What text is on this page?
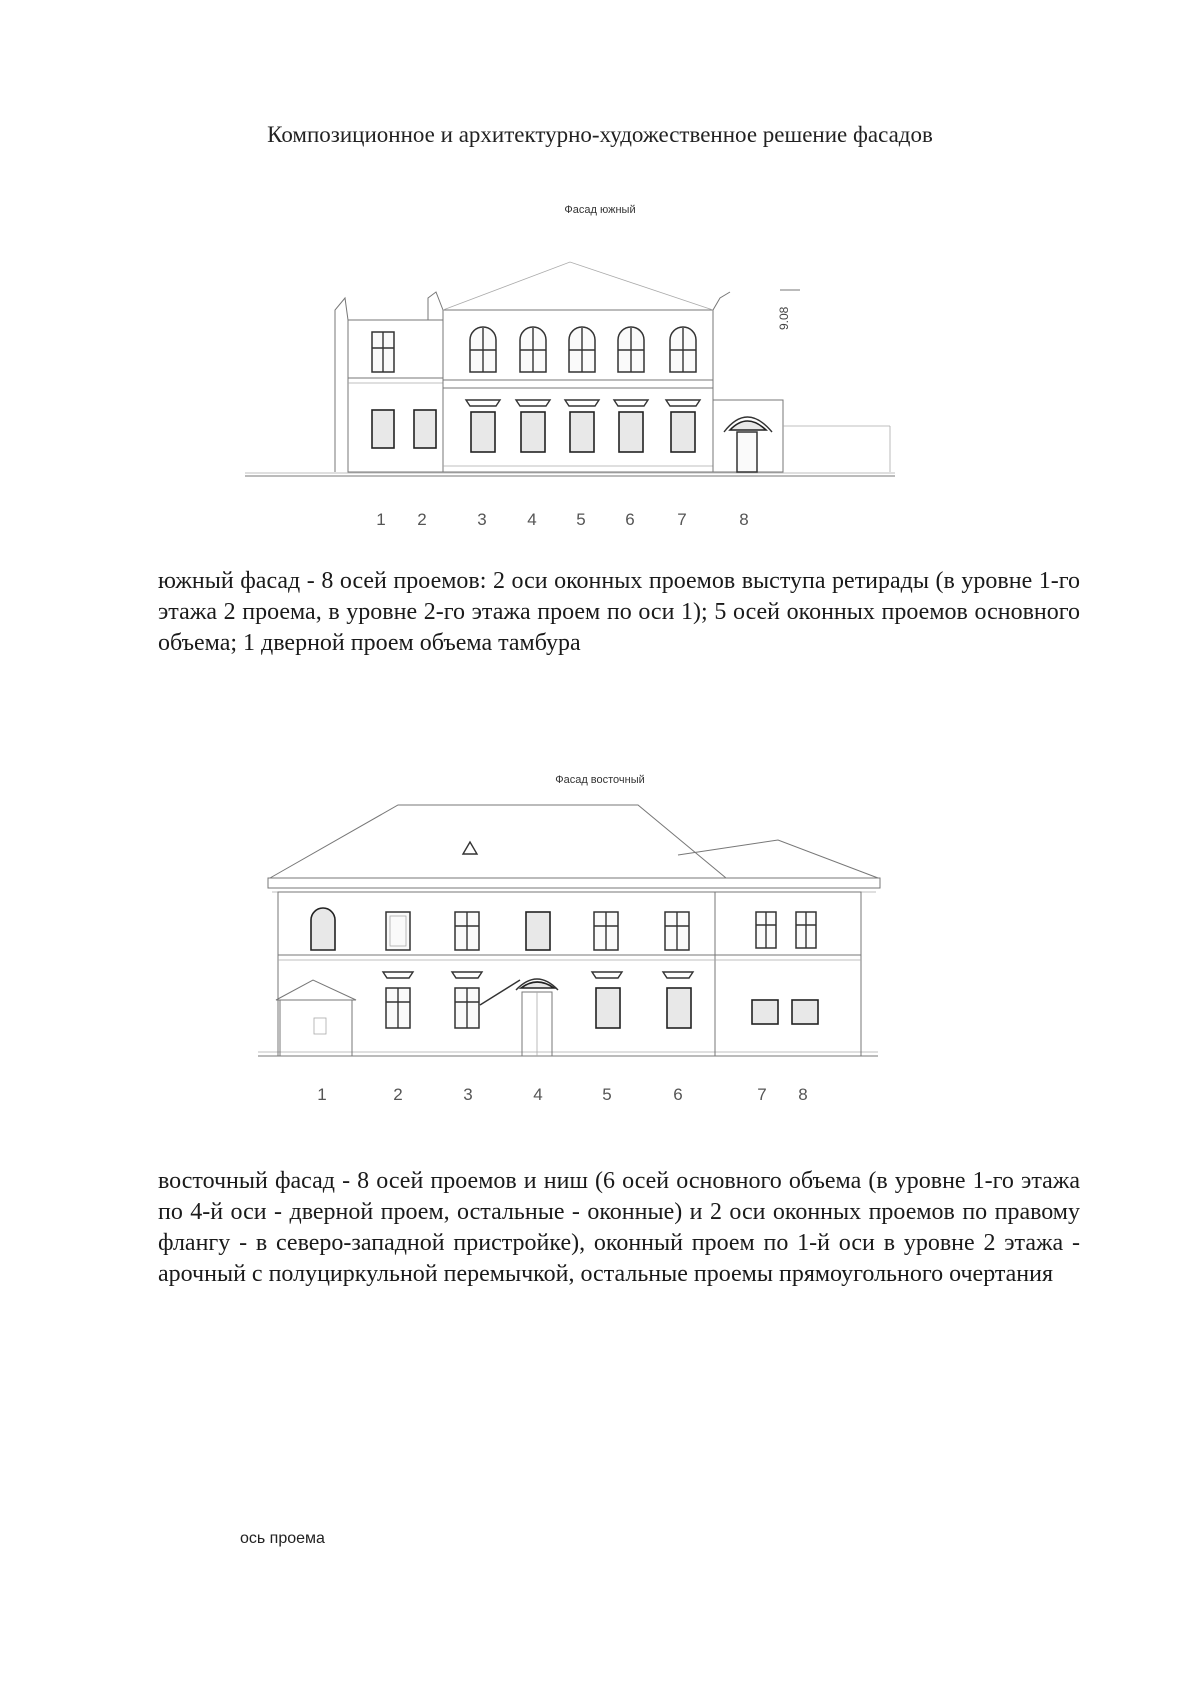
Композиционное и архитектурно-художественное решение фасадов
Фасад южный
9.08
1 2	3 4 5 6	7	8
южный фасад - 8 осей проемов: 2 оси оконных проемов выступа ретирады (в уровне 1-го этажа 2 проема, в уровне 2-го этажа проем по оси 1); 5 осей оконных проемов основного объема; 1 дверной проем объема тамбура
Фасад восточный
1	2	3	4	5	6	7 8
восточный фасад - 8 осей проемов и ниш (6 осей основного объема (в уровне 1-го этажа по 4-й оси - дверной проем, остальные - оконные) и 2 оси оконных проемов по правому флангу - в северо-западной пристройке), оконный проем по 1-й оси в уровне 2 этажа - арочный с полуциркульной перемычкой, остальные проемы прямоугольного очертания
ось проема
